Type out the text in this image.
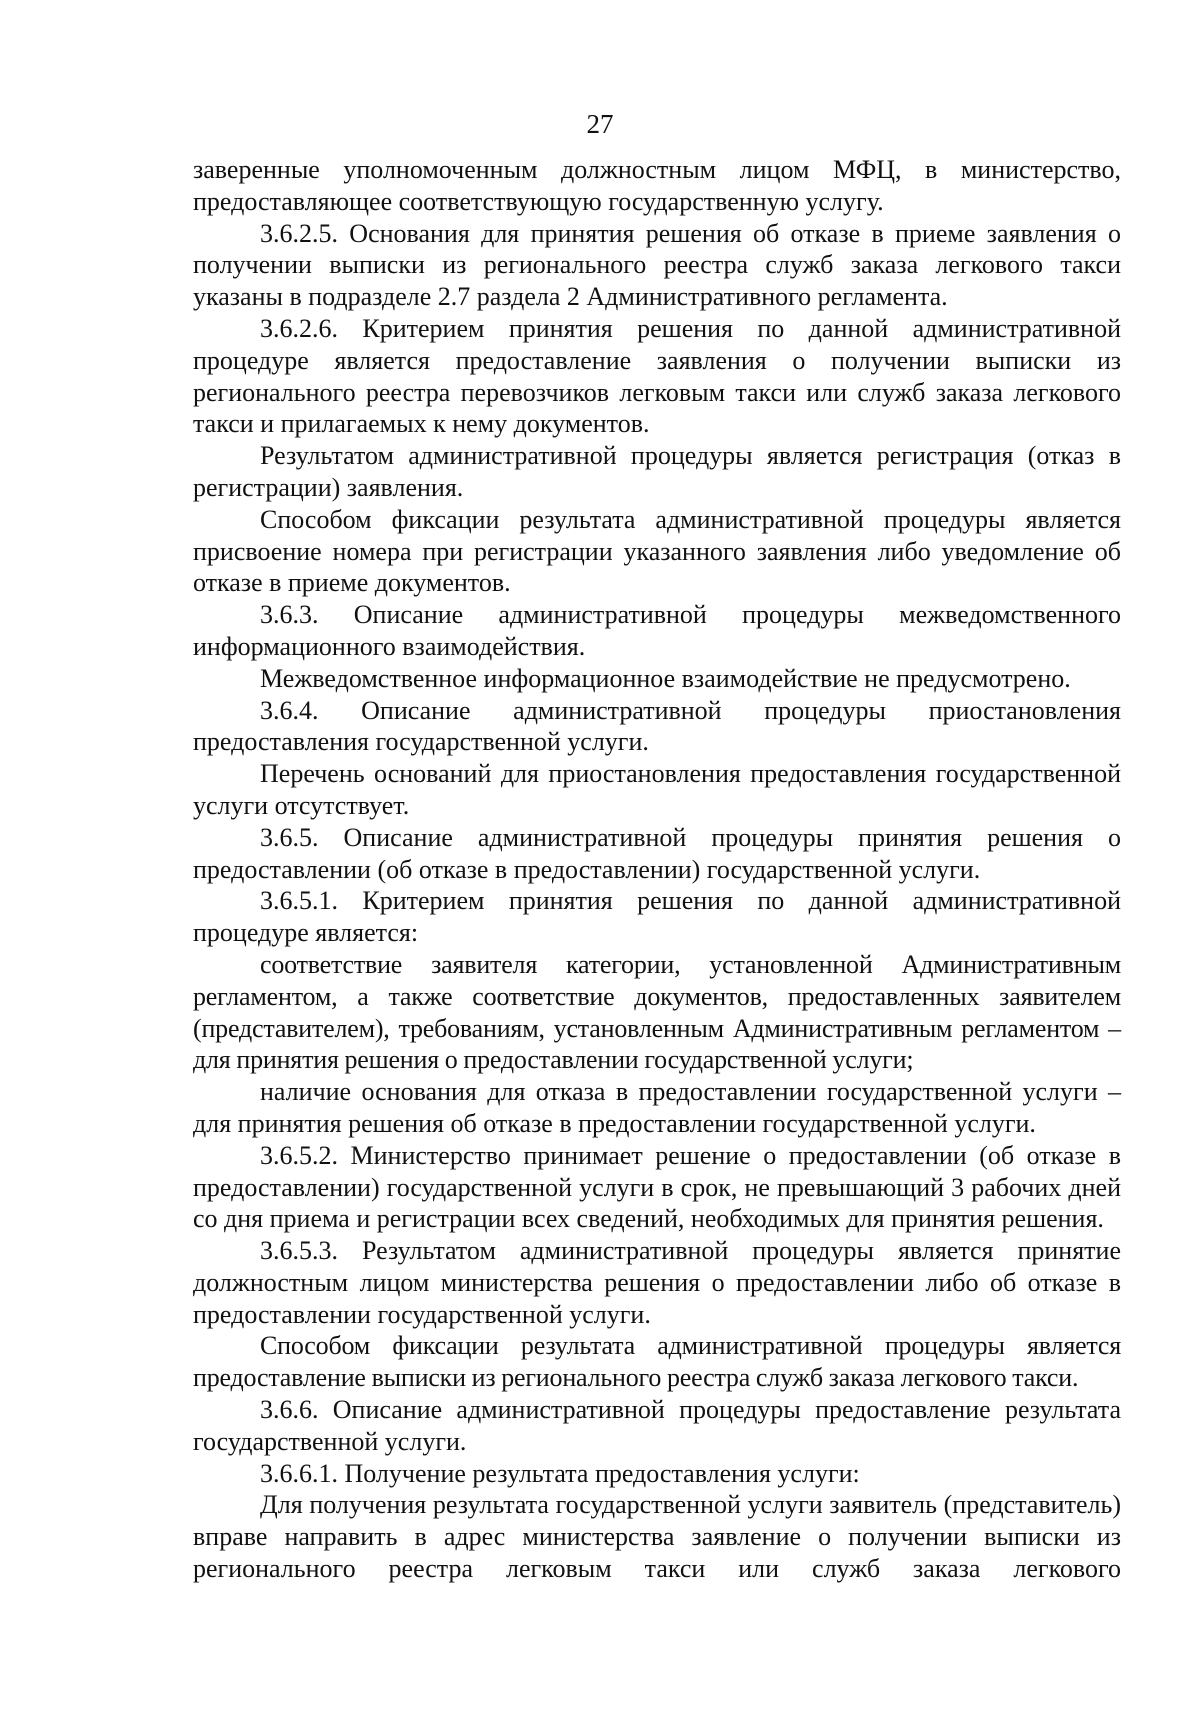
27

заверенные уполномоченным должностным лицом МФЦ, в министерство, предоставляющее соответствующую государственную услугу.

3.6.2.5. Основания для принятия решения об отказе в приеме заявления о получении выписки из регионального реестра служб заказа легкового такси указаны в подразделе 2.7 раздела 2 Административного регламента.

3.6.2.6. Критерием принятия решения по данной административной процедуре является предоставление заявления о получении выписки из регионального реестра перевозчиков легковым такси или служб заказа легкового такси и прилагаемых к нему документов.

Результатом административной процедуры является регистрация (отказ в регистрации) заявления.

Способом фиксации результата административной процедуры является присвоение номера при регистрации указанного заявления либо уведомление об отказе в приеме документов.

3.6.3. Описание административной процедуры межведомственного информационного взаимодействия.

Межведомственное информационное взаимодействие не предусмотрено.

3.6.4. Описание административной процедуры приостановления предоставления государственной услуги.

Перечень оснований для приостановления предоставления государственной услуги отсутствует.

3.6.5. Описание административной процедуры принятия решения о предоставлении (об отказе в предоставлении) государственной услуги.

3.6.5.1. Критерием принятия решения по данной административной процедуре является:

соответствие заявителя категории, установленной Административным регламентом, а также соответствие документов, предоставленных заявителем (представителем), требованиям, установленным Административным регламентом – для принятия решения о предоставлении государственной услуги;

наличие основания для отказа в предоставлении государственной услуги – для принятия решения об отказе в предоставлении государственной услуги.

3.6.5.2. Министерство принимает решение о предоставлении (об отказе в предоставлении) государственной услуги в срок, не превышающий 3 рабочих дней со дня приема и регистрации всех сведений, необходимых для принятия решения.

3.6.5.3. Результатом административной процедуры является принятие должностным лицом министерства решения о предоставлении либо об отказе в предоставлении государственной услуги.

Способом фиксации результата административной процедуры является предоставление выписки из регионального реестра служб заказа легкового такси.

3.6.6. Описание административной процедуры предоставление результата государственной услуги.

3.6.6.1. Получение результата предоставления услуги:

Для получения результата государственной услуги заявитель (представитель) вправе направить в адрес министерства заявление о получении выписки из регионального реестра легковым такси или служб заказа легкового
